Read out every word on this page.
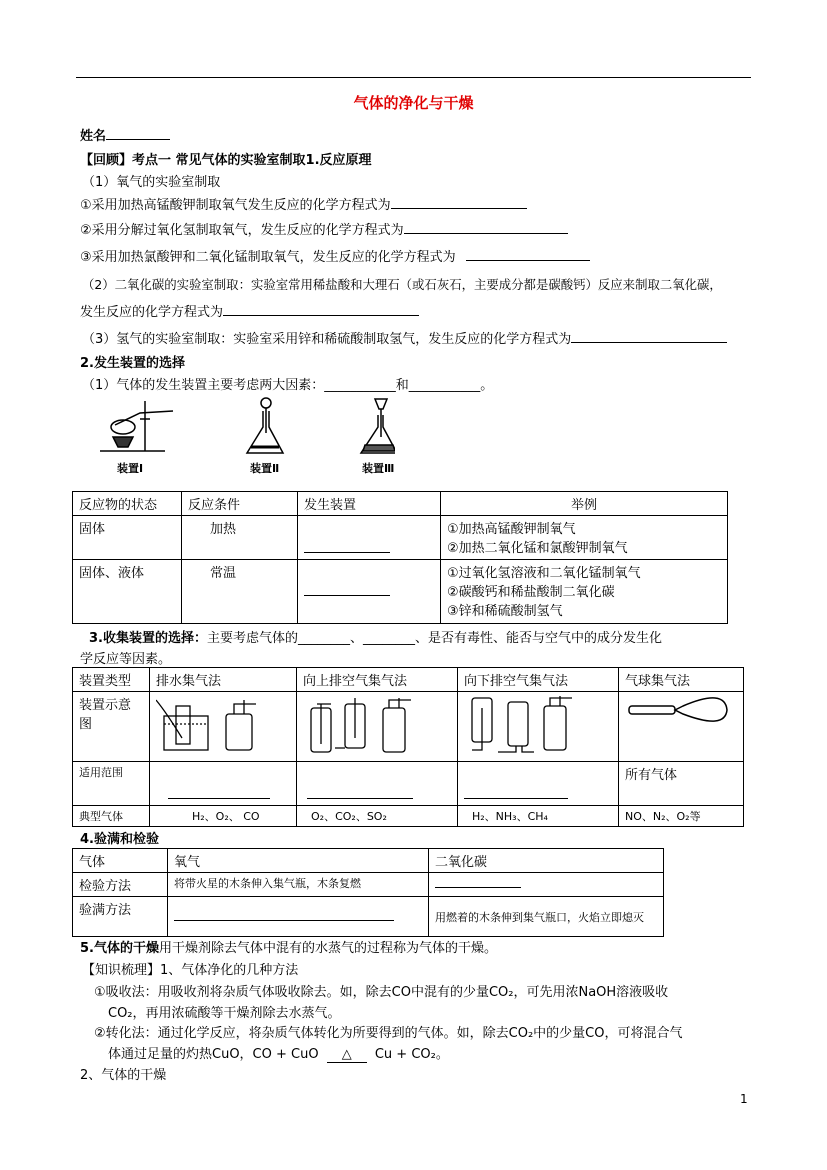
气体的净化与干燥
姓名
【回顾】考点一 常见气体的实验室制取1.反应原理
（1）氧气的实验室制取
①采用加热高锰酸钾制取氧气发生反应的化学方程式为
②采用分解过氧化氢制取氧气，发生反应的化学方程式为
③采用加热氯酸钾和二氧化锰制取氧气，发生反应的化学方程式为
（2）二氧化碳的实验室制取：实验室常用稀盐酸和大理石（或石灰石，主要成分都是碳酸钙）反应来制取二氧化碳，
发生反应的化学方程式为
（3）氢气的实验室制取：实验室采用锌和稀硫酸制取氢气，发生反应的化学方程式为
2.发生装置的选择
（1）气体的发生装置主要考虑两大因素：___________和___________。
装置Ⅰ	装置Ⅱ	装置Ⅲ
反应物的状态	反应条件	发生装置	举例
固体	加热		①加热高锰酸钾制氧气
②加热二氧化锰和氯酸钾制氧气

固体、液体	常温		①过氧化氢溶液和二氧化锰制氧气
②碳酸钙和稀盐酸制二氧化碳
③锌和稀硫酸制氢气
3.收集装置的选择：主要考虑气体的________、________、是否有毒性、能否与空气中的成分发生化
学反应等因素。
装置类型	排水集气法	向上排空气集气法	向下排空气集气法	气球集气法
装置示意图				
适用范围				所有气体
典型气体	H₂、O₂、 CO	O₂、CO₂、SO₂	H₂、NH₃、CH₄	NO、N₂、O₂等
4.验满和检验
气体	氧气	二氧化碳
检验方法	将带火星的木条伸入集气瓶，木条复燃	
验满方法		用燃着的木条伸到集气瓶口，火焰立即熄灭
5.气体的干燥用干燥剂除去气体中混有的水蒸气的过程称为气体的干燥。
【知识梳理】1、气体净化的几种方法
①吸收法：用吸收剂将杂质气体吸收除去。如，除去CO中混有的少量CO₂，可先用浓NaOH溶液吸收
CO₂，再用浓硫酸等干燥剂除去水蒸气。
②转化法：通过化学反应，将杂质气体转化为所要得到的气体。如，除去CO₂中的少量CO，可将混合气
体通过足量的灼热CuO，CO + CuO △ Cu + CO₂。
2、气体的干燥
1
